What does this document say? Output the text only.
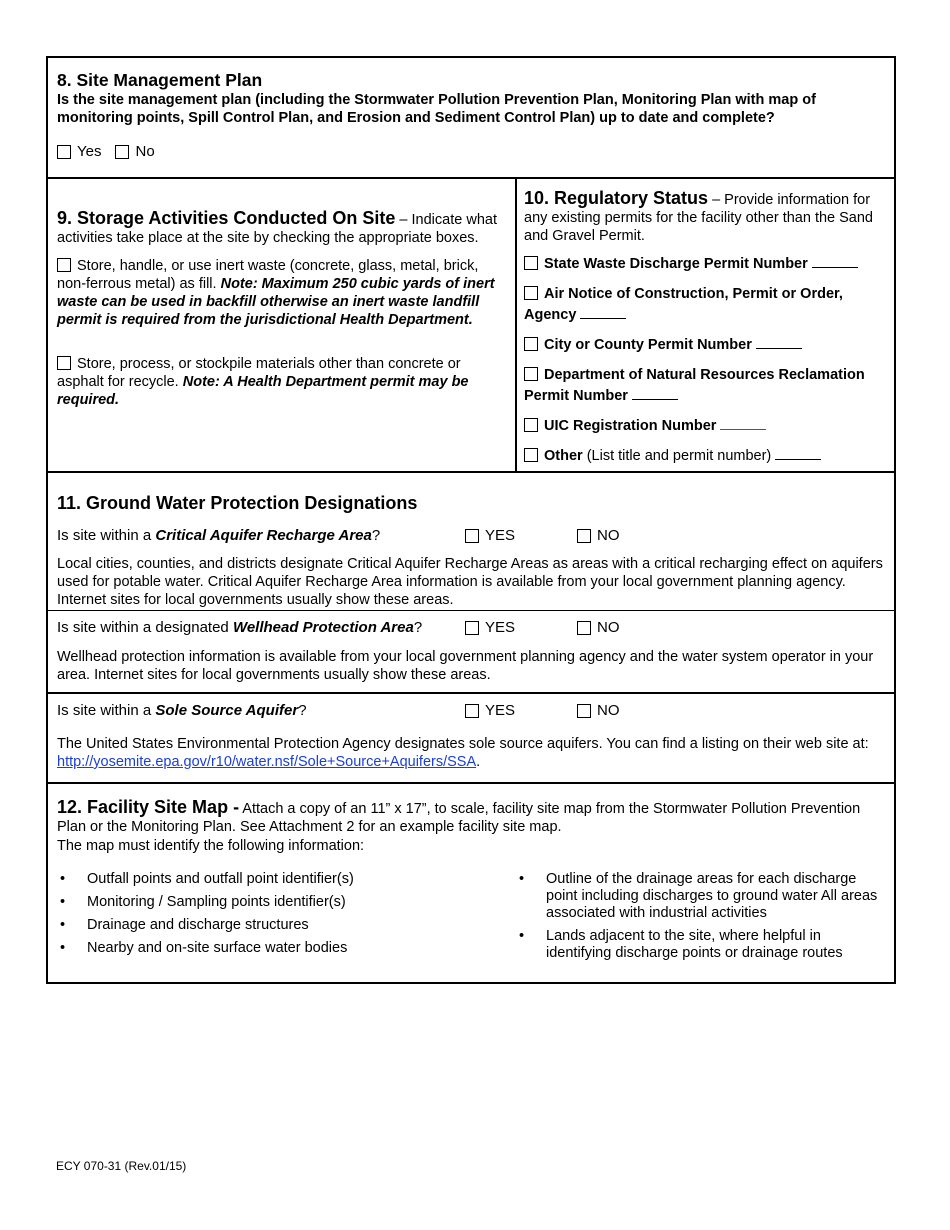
8. Site Management Plan
Is the site management plan (including the Stormwater Pollution Prevention Plan, Monitoring Plan with map of monitoring points, Spill Control Plan, and Erosion and Sediment Control Plan) up to date and complete?
Yes No
9. Storage Activities Conducted On Site – Indicate what activities take place at the site by checking the appropriate boxes.
Store, handle, or use inert waste (concrete, glass, metal, brick, non-ferrous metal) as fill. Note: Maximum 250 cubic yards of inert waste can be used in backfill otherwise an inert waste landfill permit is required from the jurisdictional Health Department.
Store, process, or stockpile materials other than concrete or asphalt for recycle. Note: A Health Department permit may be required.
10. Regulatory Status – Provide information for any existing permits for the facility other than the Sand and Gravel Permit.
State Waste Discharge Permit Number
Air Notice of Construction, Permit or Order, Agency
City or County Permit Number
Department of Natural Resources Reclamation Permit Number
UIC Registration Number
Other (List title and permit number)
11. Ground Water Protection Designations
Is site within a Critical Aquifer Recharge Area?	YES	NO
Local cities, counties, and districts designate Critical Aquifer Recharge Areas as areas with a critical recharging effect on aquifers used for potable water. Critical Aquifer Recharge Area information is available from your local government planning agency. Internet sites for local governments usually show these areas.
Is site within a designated Wellhead Protection Area?	YES	NO
Wellhead protection information is available from your local government planning agency and the water system operator in your area. Internet sites for local governments usually show these areas.
Is site within a Sole Source Aquifer?	YES	NO
The United States Environmental Protection Agency designates sole source aquifers. You can find a listing on their web site at: http://yosemite.epa.gov/r10/water.nsf/Sole+Source+Aquifers/SSA.
12. Facility Site Map - Attach a copy of an 11” x 17”, to scale, facility site map from the Stormwater Pollution Prevention Plan or the Monitoring Plan. See Attachment 2 for an example facility site map.
The map must identify the following information:
• Outfall points and outfall point identifier(s)
• Monitoring / Sampling points identifier(s)
• Drainage and discharge structures
• Nearby and on-site surface water bodies
• Outline of the drainage areas for each discharge point including discharges to ground water All areas associated with industrial activities
• Lands adjacent to the site, where helpful in identifying discharge points or drainage routes
ECY 070-31 (Rev.01/15)
